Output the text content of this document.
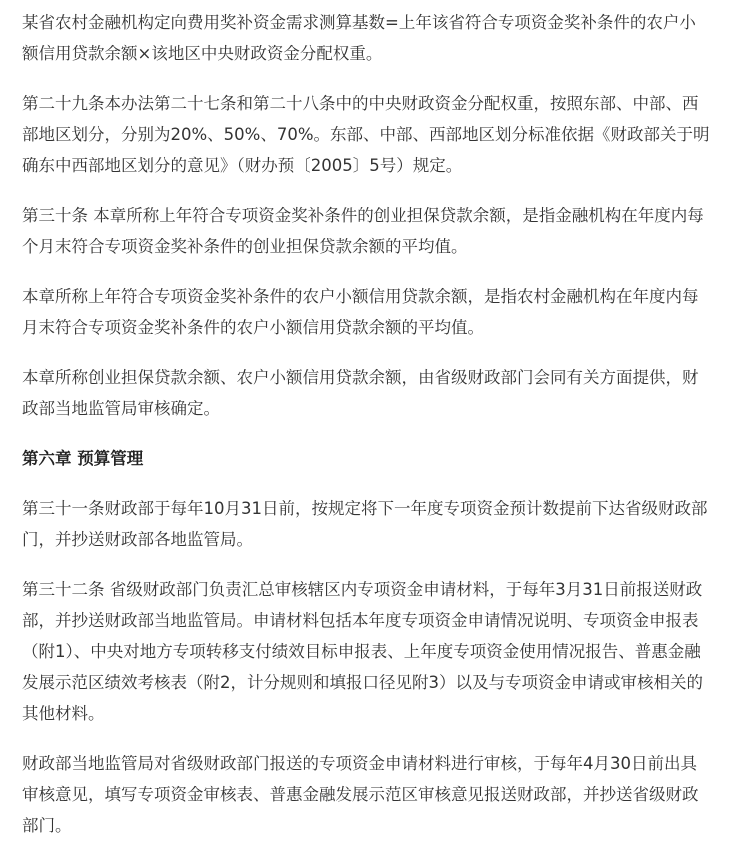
某省农村金融机构定向费用奖补资金需求测算基数=上年该省符合专项资金奖补条件的农户小额信用贷款余额×该地区中央财政资金分配权重。

第二十九条本办法第二十七条和第二十八条中的中央财政资金分配权重，按照东部、中部、西部地区划分，分别为20%、50%、70%。东部、中部、西部地区划分标准依据《财政部关于明确东中西部地区划分的意见》（财办预〔2005〕5号）规定。

第三十条 本章所称上年符合专项资金奖补条件的创业担保贷款余额，是指金融机构在年度内每个月末符合专项资金奖补条件的创业担保贷款余额的平均值。

本章所称上年符合专项资金奖补条件的农户小额信用贷款余额，是指农村金融机构在年度内每月末符合专项资金奖补条件的农户小额信用贷款余额的平均值。

本章所称创业担保贷款余额、农户小额信用贷款余额，由省级财政部门会同有关方面提供，财政部当地监管局审核确定。

第六章 预算管理

第三十一条财政部于每年10月31日前，按规定将下一年度专项资金预计数提前下达省级财政部门，并抄送财政部各地监管局。

第三十二条 省级财政部门负责汇总审核辖区内专项资金申请材料，于每年3月31日前报送财政部，并抄送财政部当地监管局。申请材料包括本年度专项资金申请情况说明、专项资金申报表（附1）、中央对地方专项转移支付绩效目标申报表、上年度专项资金使用情况报告、普惠金融发展示范区绩效考核表（附2，计分规则和填报口径见附3）以及与专项资金申请或审核相关的其他材料。

财政部当地监管局对省级财政部门报送的专项资金申请材料进行审核，于每年4月30日前出具审核意见，填写专项资金审核表、普惠金融发展示范区审核意见报送财政部，并抄送省级财政部门。
